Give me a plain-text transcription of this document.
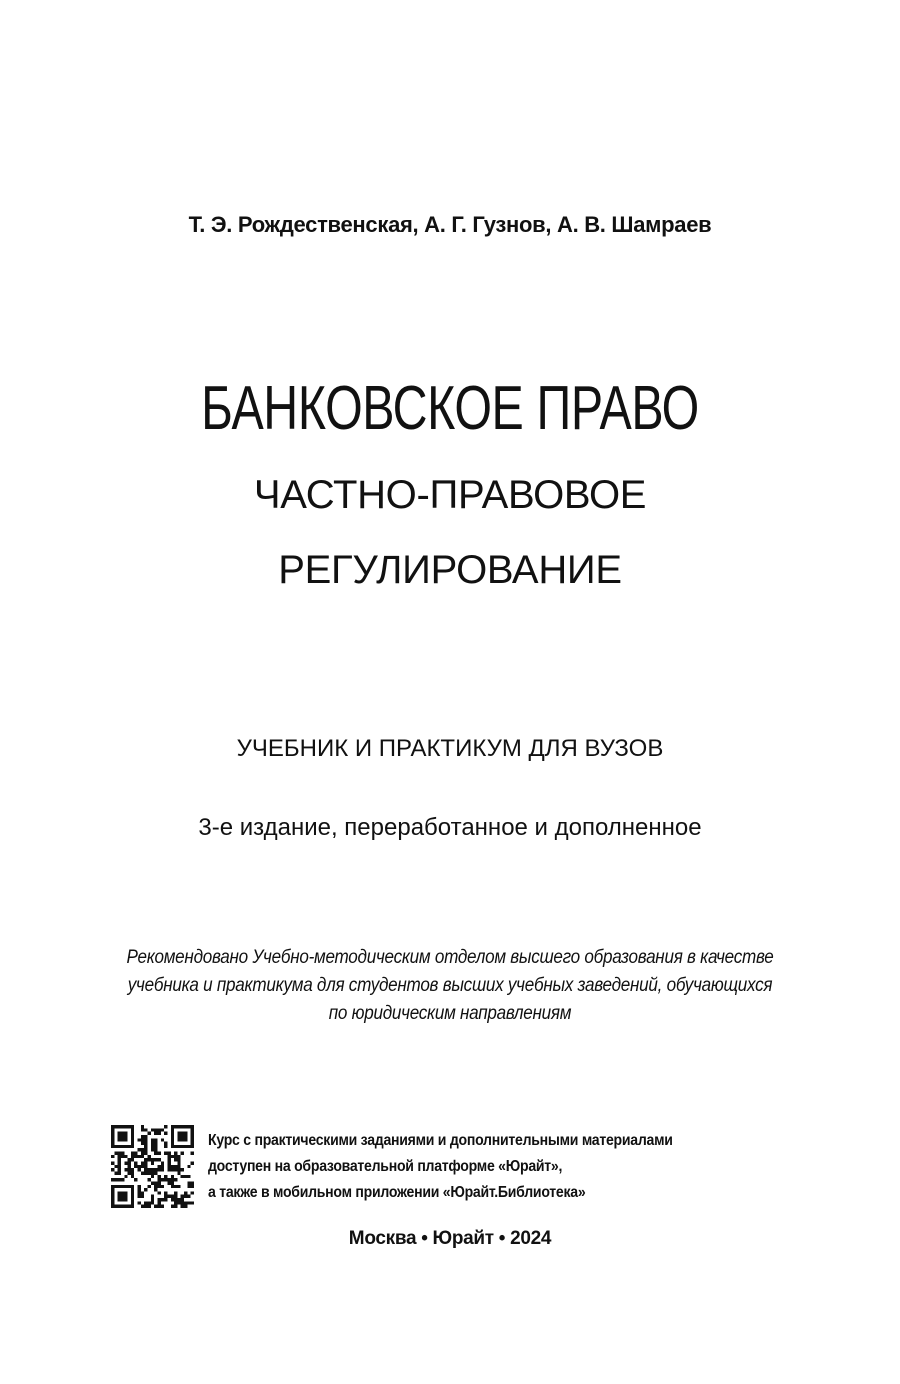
Т. Э. Рождественская, А. Г. Гузнов, А. В. Шамраев
БАНКОВСКОЕ ПРАВО
ЧАСТНО-ПРАВОВОЕ
РЕГУЛИРОВАНИЕ
УЧЕБНИК И ПРАКТИКУМ ДЛЯ ВУЗОВ
3-е издание, переработанное и дополненное
Рекомендовано Учебно-методическим отделом высшего образования в качестве
учебника и практикума для студентов высших учебных заведений, обучающихся
по юридическим направлениям
Курс с практическими заданиями и дополнительными материалами
доступен на образовательной платформе «Юрайт»,
а также в мобильном приложении «Юрайт.Библиотека»
Москва • Юрайт • 2024
